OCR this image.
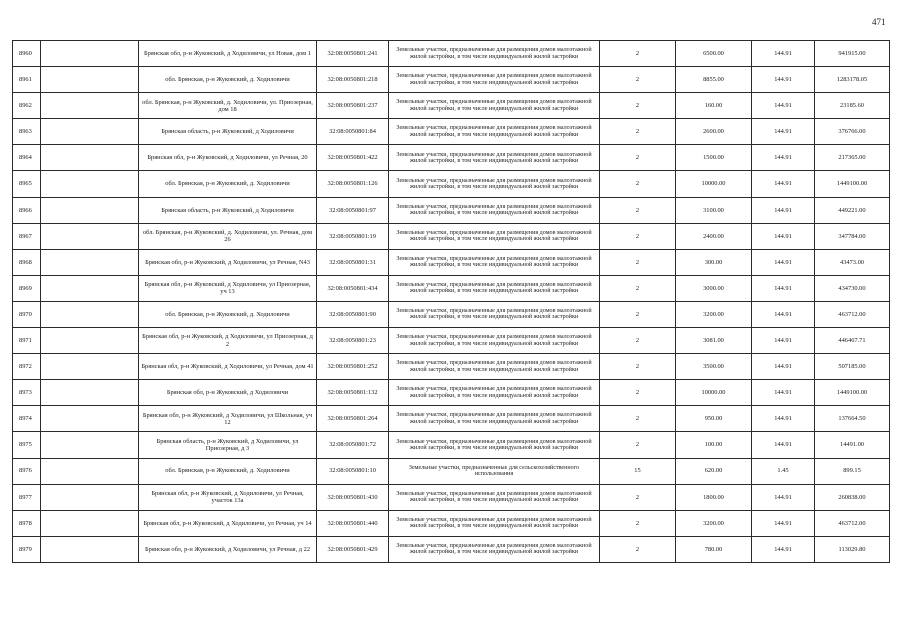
471
8960		Брянская обл, р-н Жуковский, д Ходиловичи, ул Новая, дом 1	32:08:0050801:241	Земельные участки, предназначенные для размещения домов малоэтажной жилой застройки, в том числе индивидуальной жилой застройки	2	6500.00	144.91	941915.00
8961		обл. Брянская, р-н Жуковский, д. Ходиловичи	32:08:0050801:218	Земельные участки, предназначенные для размещения домов малоэтажной жилой застройки, в том числе индивидуальной жилой застройки	2	8855.00	144.91	1283178.05
8962		обл. Брянская, р-н Жуковский, д. Ходиловичи, ул. Приозерная, дом 18	32:08:0050801:237	Земельные участки, предназначенные для размещения домов малоэтажной жилой застройки, в том числе индивидуальной жилой застройки	2	160.00	144.91	23185.60
8963		Брянская область, р-н Жуковский, д Ходиловичи	32:08:0050801:84	Земельные участки, предназначенные для размещения домов малоэтажной жилой застройки, в том числе индивидуальной жилой застройки	2	2600.00	144.91	376766.00
8964		Брянская обл, р-н Жуковский, д Ходиловичи, ул Речная, 20	32:08:0050801:422	Земельные участки, предназначенные для размещения домов малоэтажной жилой застройки, в том числе индивидуальной жилой застройки	2	1500.00	144.91	217365.00
8965		обл. Брянская, р-н Жуковский, д. Ходиловичи	32:08:0050801:126	Земельные участки, предназначенные для размещения домов малоэтажной жилой застройки, в том числе индивидуальной жилой застройки	2	10000.00	144.91	1449100.00
8966		Брянская область, р-н Жуковский, д Ходиловичи	32:08:0050801:97	Земельные участки, предназначенные для размещения домов малоэтажной жилой застройки, в том числе индивидуальной жилой застройки	2	3100.00	144.91	449221.00
8967		обл. Брянская, р-н Жуковский, д. Ходиловичи, ул. Речная, дом 26	32:08:0050801:19	Земельные участки, предназначенные для размещения домов малоэтажной жилой застройки, в том числе индивидуальной жилой застройки	2	2400.00	144.91	347784.00
8968		Брянская обл, р-н Жуковский, д Ходиловичи, ул Речная, N43	32:08:0050801:31	Земельные участки, предназначенные для размещения домов малоэтажной жилой застройки, в том числе индивидуальной жилой застройки	2	300.00	144.91	43473.00
8969		Брянская обл, р-н Жуковский, д Ходиловичи, ул Приозерная, уч 13	32:08:0050801:434	Земельные участки, предназначенные для размещения домов малоэтажной жилой застройки, в том числе индивидуальной жилой застройки	2	3000.00	144.91	434730.00
8970		обл. Брянская, р-н Жуковский, д. Ходиловичи	32:08:0050801:90	Земельные участки, предназначенные для размещения домов малоэтажной жилой застройки, в том числе индивидуальной жилой застройки	2	3200.00	144.91	463712.00
8971		Брянская обл, р-н Жуковский, д Ходиловичи, ул Приозерная, д 2	32:08:0050801:23	Земельные участки, предназначенные для размещения домов малоэтажной жилой застройки, в том числе индивидуальной жилой застройки	2	3081.00	144.91	446467.71
8972		Брянская обл, р-н Жуковский, д Ходиловичи, ул Речная, дом 41	32:08:0050801:252	Земельные участки, предназначенные для размещения домов малоэтажной жилой застройки, в том числе индивидуальной жилой застройки	2	3500.00	144.91	507185.00
8973		Брянская обл, р-н Жуковский, д Ходиловичи	32:08:0050801:132	Земельные участки, предназначенные для размещения домов малоэтажной жилой застройки, в том числе индивидуальной жилой застройки	2	10000.00	144.91	1449100.00
8974		Брянская обл, р-н Жуковский, д Ходиловичи, ул Школьная, уч 12	32:08:0050801:264	Земельные участки, предназначенные для размещения домов малоэтажной жилой застройки, в том числе индивидуальной жилой застройки	2	950.00	144.91	137664.50
8975		Брянская область, р-н Жуковский, д Ходиловичи, ул Приозерная, д 3	32:08:0050801:72	Земельные участки, предназначенные для размещения домов малоэтажной жилой застройки, в том числе индивидуальной жилой застройки	2	100.00	144.91	14491.00
8976		обл. Брянская, р-н Жуковский, д. Ходиловичи	32:08:0050801:10	Земельные участки, предназначенные для сельскохозяйственного использования	15	620.00	1.45	899.15
8977		Брянская обл, р-н Жуковский, д Ходиловичи, ул Речная, участок 13а	32:08:0050801:430	Земельные участки, предназначенные для размещения домов малоэтажной жилой застройки, в том числе индивидуальной жилой застройки	2	1800.00	144.91	260838.00
8978		Брянская обл, р-н Жуковский, д Ходиловичи, ул Речная, уч 14	32:08:0050801:440	Земельные участки, предназначенные для размещения домов малоэтажной жилой застройки, в том числе индивидуальной жилой застройки	2	3200.00	144.91	463712.00
8979		Брянская обл, р-н Жуковский, д Ходиловичи, ул Речная, д 22	32:08:0050801:429	Земельные участки, предназначенные для размещения домов малоэтажной жилой застройки, в том числе индивидуальной жилой застройки	2	780.00	144.91	113029.80
